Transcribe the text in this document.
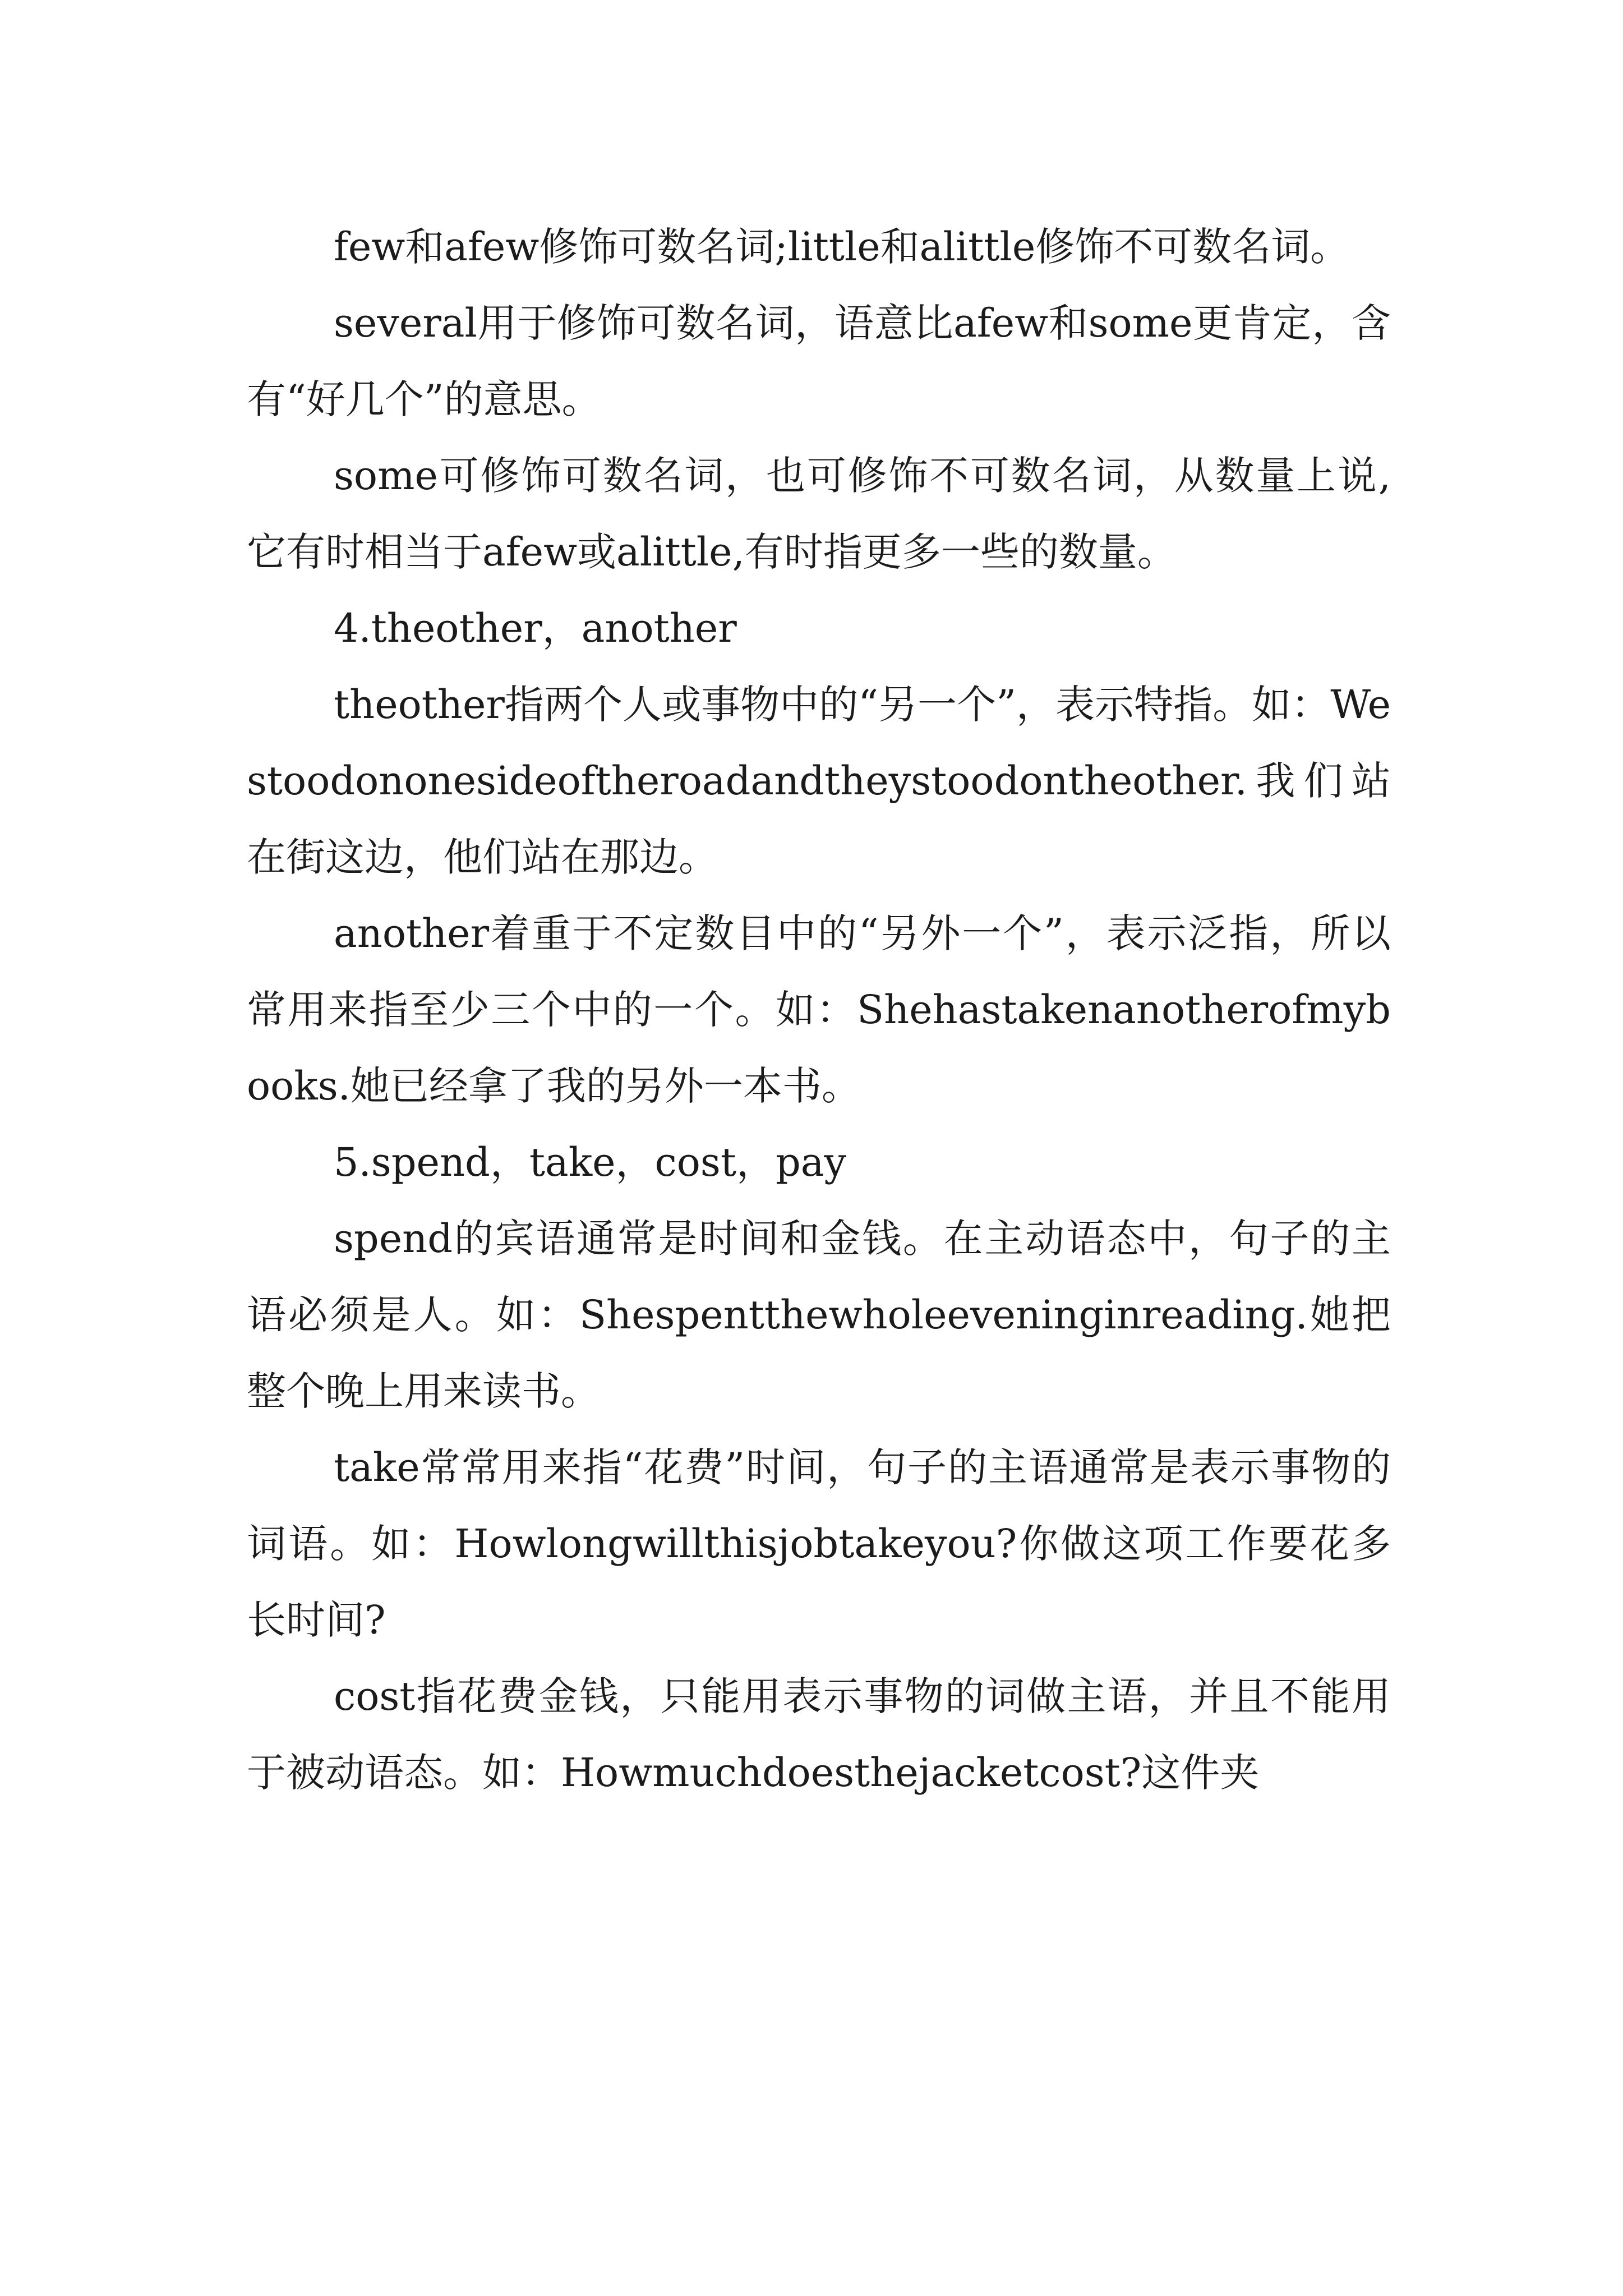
few和afew修饰可数名词;little和alittle修饰不可数名词。

several用于修饰可数名词，语意比afew和some更肯定，含有“好几个”的意思。

some可修饰可数名词，也可修饰不可数名词，从数量上说,它有时相当于afew或alittle,有时指更多一些的数量。

4.theother，another

theother指两个人或事物中的“另一个”，表示特指。如：Westoodononesideoftheroadandtheystoodontheother.我们站在街这边，他们站在那边。

another着重于不定数目中的“另外一个”，表示泛指，所以常用来指至少三个中的一个。如：Shehastakenanotherofmybooks.她已经拿了我的另外一本书。

5.spend，take，cost，pay

spend的宾语通常是时间和金钱。在主动语态中，句子的主语必须是人。如：Shespentthewholeeveninginreading.她把整个晚上用来读书。

take常常用来指“花费”时间，句子的主语通常是表示事物的词语。如：Howlongwillthisjobtakeyou?你做这项工作要花多长时间?

cost指花费金钱，只能用表示事物的词做主语，并且不能用于被动语态。如：Howmuchdoesthejacketcost?这件夹
